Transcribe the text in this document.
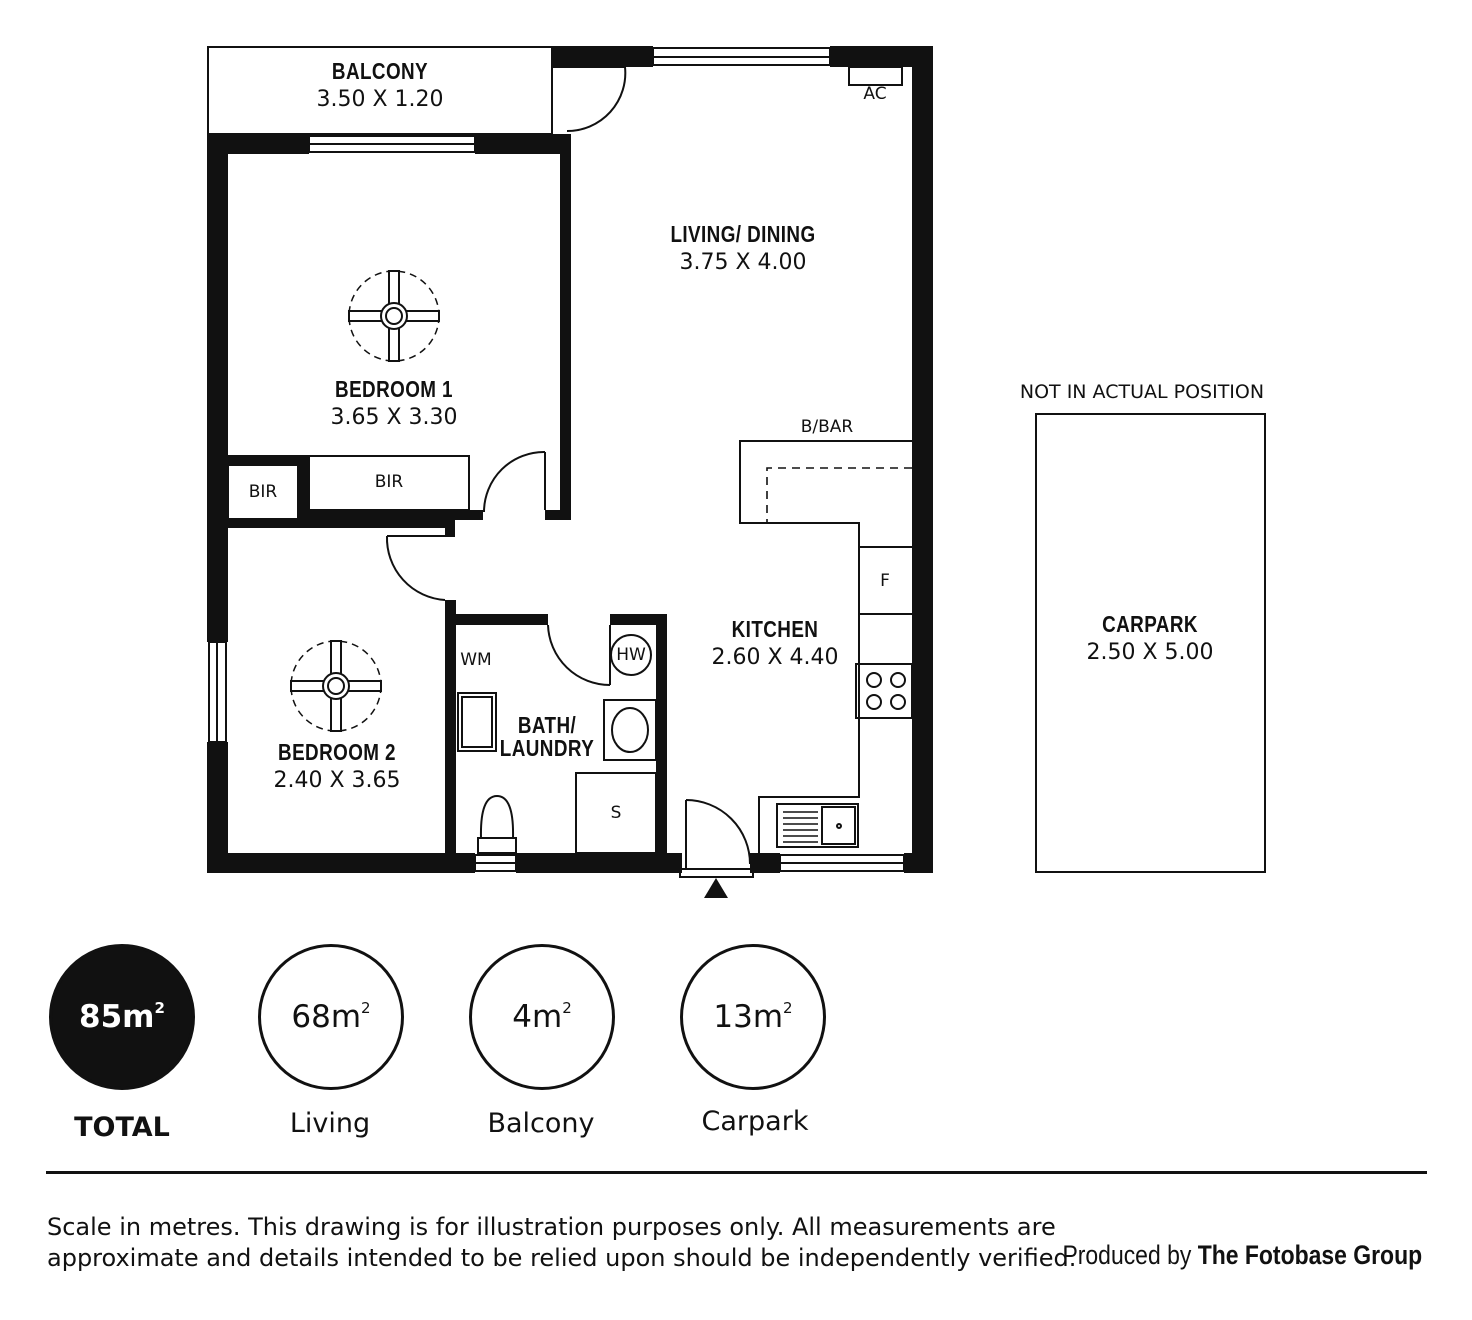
BALCONY
3.50 X 1.20
LIVING/ DINING
3.75 X 4.00
BEDROOM 1
3.65 X 3.30
BEDROOM 2
2.40 X 3.65
KITCHEN
2.60 X 4.40
BATH/
LAUNDRY
CARPARK
2.50 X 5.00
AC
B/BAR
BIR	BIR
F
WM	HW
S
NOT IN ACTUAL POSITION
$85m^2$
TOTAL
$68m^2$
Living
$4m^2$
Balcony
$13m^2$
Carpark
Scale in metres. This drawing is for illustration purposes only. All measurements are
approximate and details intended to be relied upon should be independently verified.
Produced by The Fotobase Group
